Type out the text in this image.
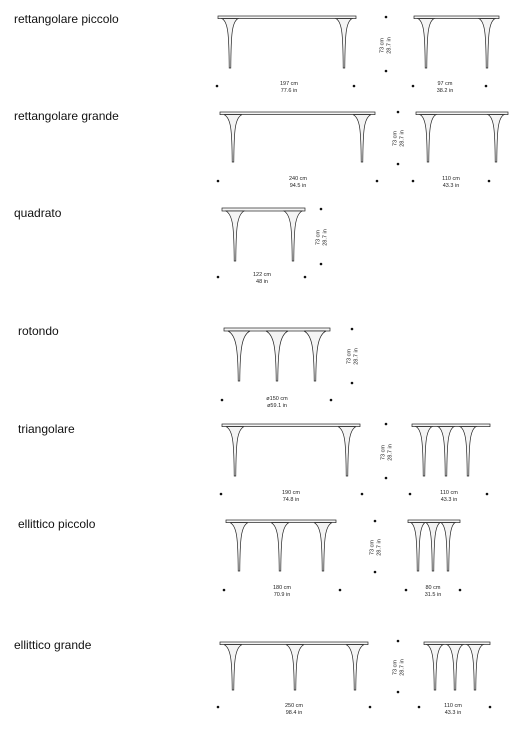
rettangolare piccolo
rettangolare grande
quadrato
rotondo
triangolare
ellittico piccolo
ellittico grande
197 cm
77.6 in
97 cm
38.2 in
240 cm
94.5 in
110 cm
43.3 in
122 cm
48 in
ø150 cm
ø59.1 in
190 cm
74.8 in
110 cm
43.3 in
180 cm
70.9 in
80 cm
31.5 in
250 cm
98.4 in
110 cm
43.3 in
73 cm 28.7 in
73 cm 28.7 in
73 cm 28.7 in
73 cm 28.7 in
73 cm 28.7 in
73 cm 28.7 in
73 cm 28.7 in
